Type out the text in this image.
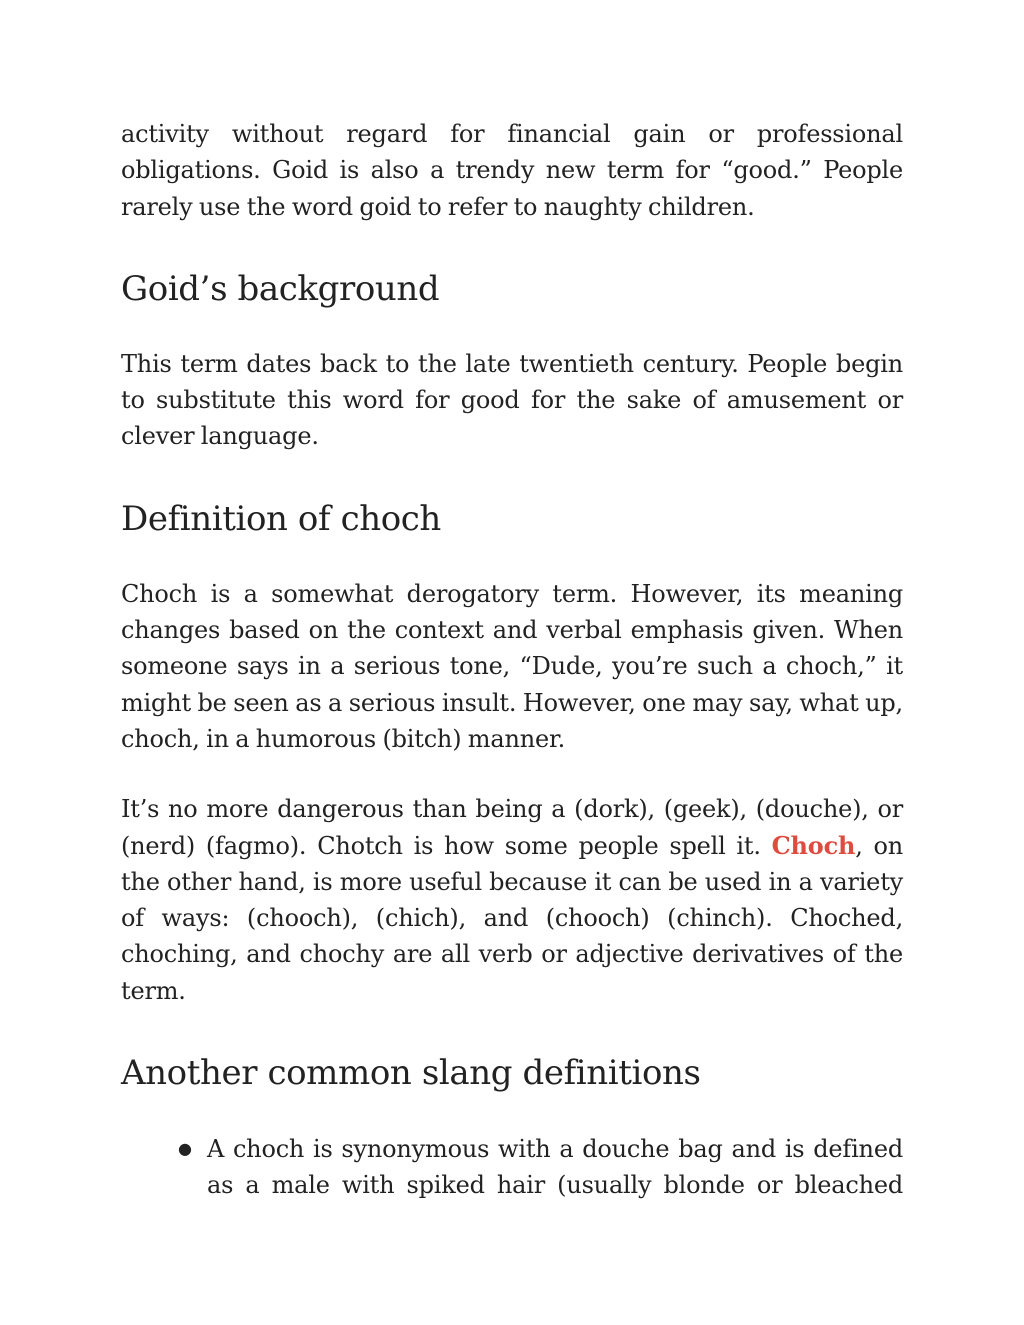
activity without regard for financial gain or professional obligations. Goid is also a trendy new term for “good.” People rarely use the word goid to refer to naughty children.

Goid’s background

This term dates back to the late twentieth century. People begin to substitute this word for good for the sake of amusement or clever language.

Definition of choch

Choch is a somewhat derogatory term. However, its meaning changes based on the context and verbal emphasis given. When someone says in a serious tone, “Dude, you’re such a choch,” it might be seen as a serious insult. However, one may say, what up, choch, in a humorous (bitch) manner.

It’s no more dangerous than being a (dork), (geek), (douche), or (nerd) (fagmo). Chotch is how some people spell it. Choch, on the other hand, is more useful because it can be used in a variety of ways: (chooch), (chich), and (chooch) (chinch). Choched, choching, and chochy are all verb or adjective derivatives of the term.

Another common slang definitions
● A choch is synonymous with a douche bag and is defined as a male with spiked hair (usually blonde or bleached
